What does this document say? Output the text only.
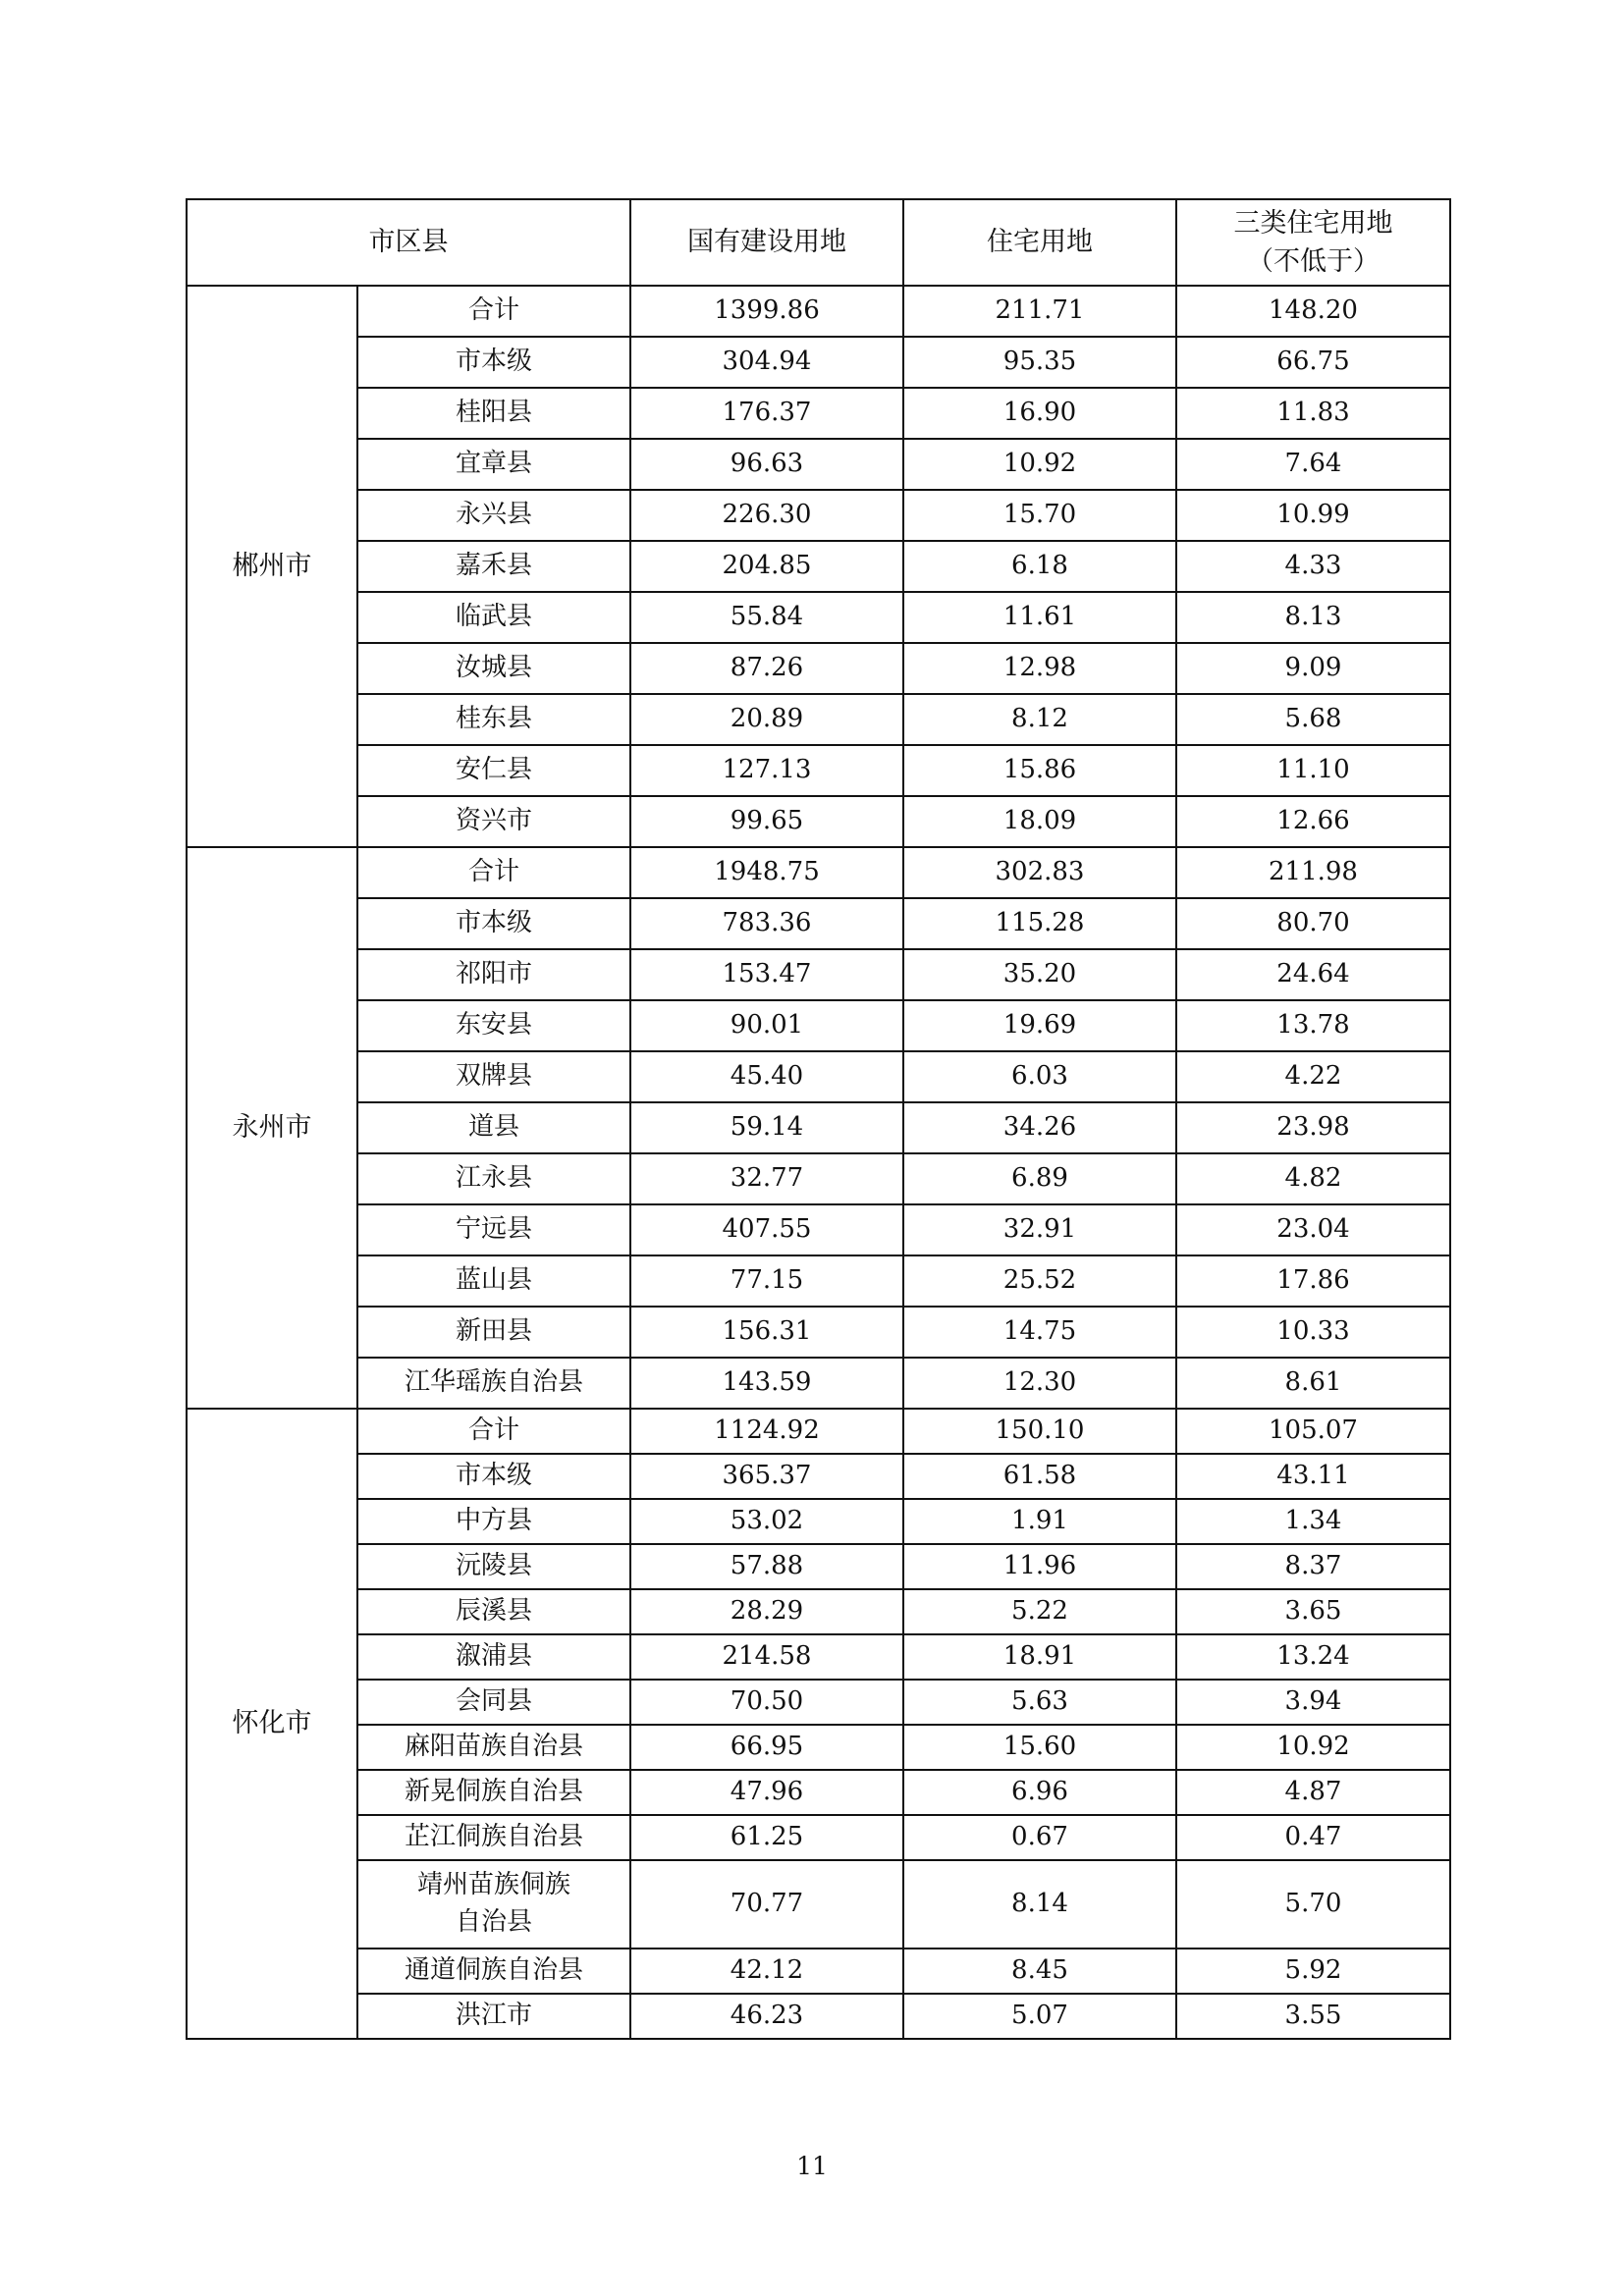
市区县		国有建设用地	住宅用地	三类住宅用地
（不低于）
郴州市	合计	1399.86	211.71	148.20
	市本级	304.94	95.35	66.75
	桂阳县	176.37	16.90	11.83
	宜章县	96.63	10.92	7.64
	永兴县	226.30	15.70	10.99
	嘉禾县	204.85	6.18	4.33
	临武县	55.84	11.61	8.13
	汝城县	87.26	12.98	9.09
	桂东县	20.89	8.12	5.68
	安仁县	127.13	15.86	11.10
	资兴市	99.65	18.09	12.66
永州市	合计	1948.75	302.83	211.98
	市本级	783.36	115.28	80.70
	祁阳市	153.47	35.20	24.64
	东安县	90.01	19.69	13.78
	双牌县	45.40	6.03	4.22
	道县	59.14	34.26	23.98
	江永县	32.77	6.89	4.82
	宁远县	407.55	32.91	23.04
	蓝山县	77.15	25.52	17.86
	新田县	156.31	14.75	10.33
	江华瑶族自治县	143.59	12.30	8.61
怀化市	合计	1124.92	150.10	105.07
	市本级	365.37	61.58	43.11
	中方县	53.02	1.91	1.34
	沅陵县	57.88	11.96	8.37
	辰溪县	28.29	5.22	3.65
	溆浦县	214.58	18.91	13.24
	会同县	70.50	5.63	3.94
	麻阳苗族自治县	66.95	15.60	10.92
	新晃侗族自治县	47.96	6.96	4.87
	芷江侗族自治县	61.25	0.67	0.47
	靖州苗族侗族
自治县	70.77	8.14	5.70
	通道侗族自治县	42.12	8.45	5.92
	洪江市	46.23	5.07	3.55
11
